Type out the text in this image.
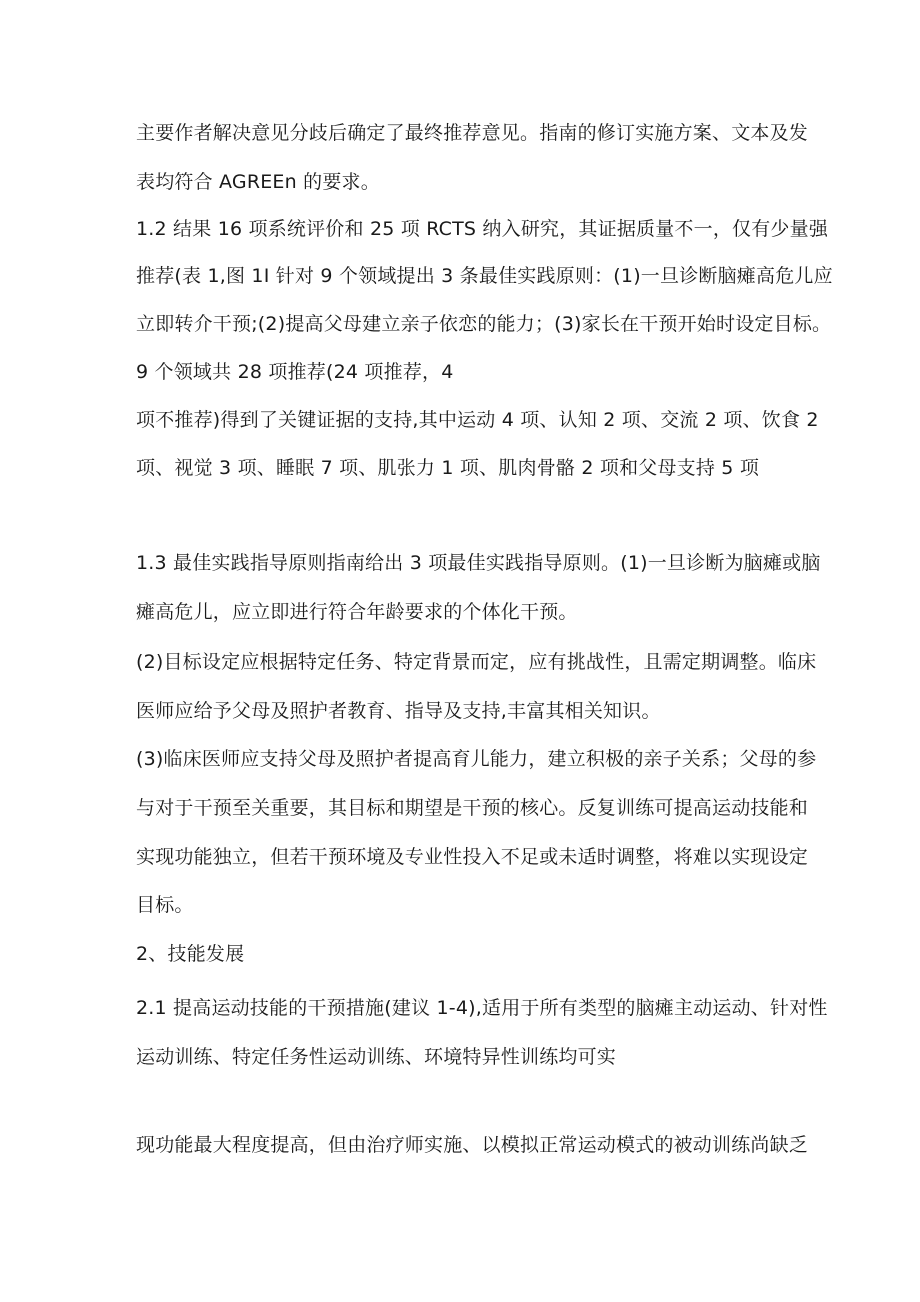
主要作者解决意见分歧后确定了最终推荐意见。指南的修订实施方案、文本及发
表均符合 AGREEn 的要求。
1.2 结果 16 项系统评价和 25 项 RCTS 纳入研究，其证据质量不一，仅有少量强
推荐(表 1,图 1I 针对 9 个领域提出 3 条最佳实践原则：(1)一旦诊断脑瘫高危儿应
立即转介干预;(2)提高父母建立亲子依恋的能力；(3)家长在干预开始时设定目标。
9 个领域共 28 项推荐(24 项推荐，4
项不推荐)得到了关键证据的支持,其中运动 4 项、认知 2 项、交流 2 项、饮食 2
项、视觉 3 项、睡眠 7 项、肌张力 1 项、肌肉骨骼 2 项和父母支持 5 项
1.3 最佳实践指导原则指南给出 3 项最佳实践指导原则。(1)一旦诊断为脑瘫或脑
瘫高危儿，应立即进行符合年龄要求的个体化干预。
(2)目标设定应根据特定任务、特定背景而定，应有挑战性，且需定期调整。临床
医师应给予父母及照护者教育、指导及支持,丰富其相关知识。
(3)临床医师应支持父母及照护者提高育儿能力，建立积极的亲子关系；父母的参
与对于干预至关重要，其目标和期望是干预的核心。反复训练可提高运动技能和
实现功能独立，但若干预环境及专业性投入不足或未适时调整，将难以实现设定
目标。
2、技能发展
2.1 提高运动技能的干预措施(建议 1-4),适用于所有类型的脑瘫主动运动、针对性
运动训练、特定任务性运动训练、环境特异性训练均可实
现功能最大程度提高，但由治疗师实施、以模拟正常运动模式的被动训练尚缺乏
